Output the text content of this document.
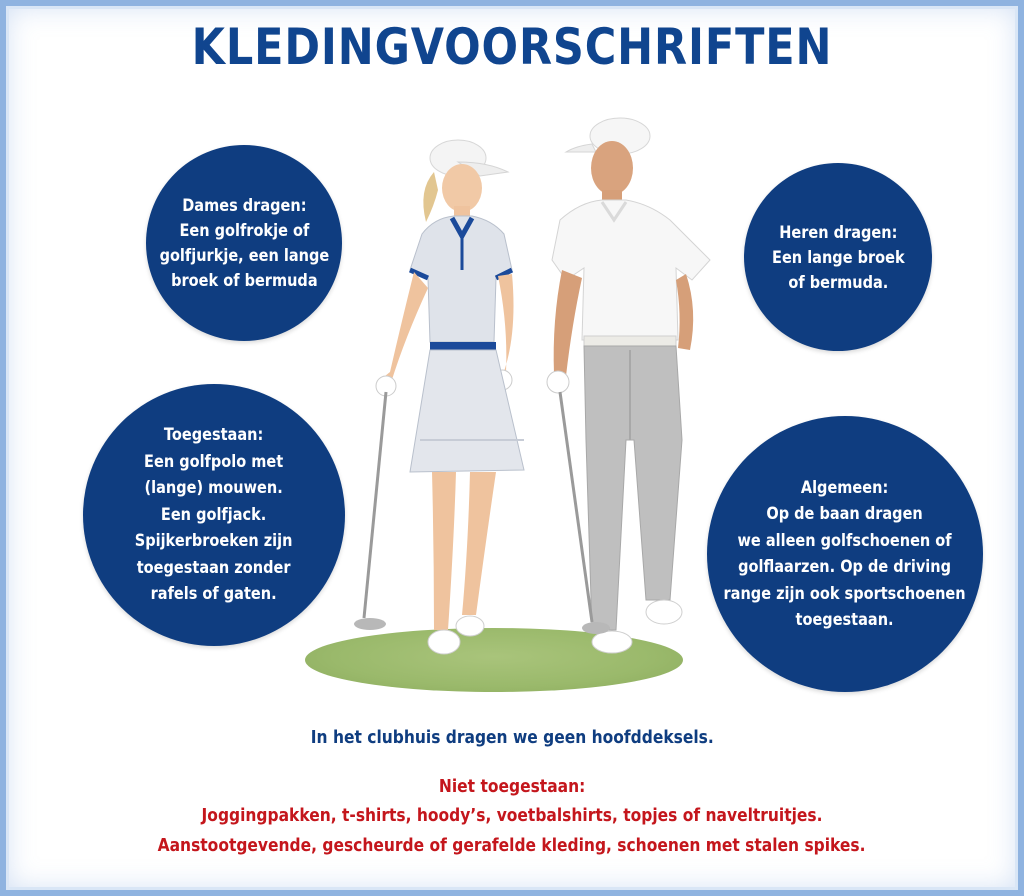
KLEDINGVOORSCHRIFTEN
Dames dragen:
Een golfrokje of
golfjurkje, een lange
broek of bermuda
Heren dragen:
Een lange broek
of bermuda.
Toegestaan:
Een golfpolo met
(lange) mouwen.
Een golfjack.
Spijkerbroeken zijn
toegestaan zonder
rafels of gaten.
Algemeen:
Op de baan dragen
we alleen golfschoenen of
golflaarzen. Op de driving
range zijn ook sportschoenen
toegestaan.
In het clubhuis dragen we geen hoofddeksels.
Niet toegestaan:
Joggingpakken, t-shirts, hoody’s, voetbalshirts, topjes of naveltruitjes.
Aanstootgevende, gescheurde of gerafelde kleding, schoenen met stalen spikes.
